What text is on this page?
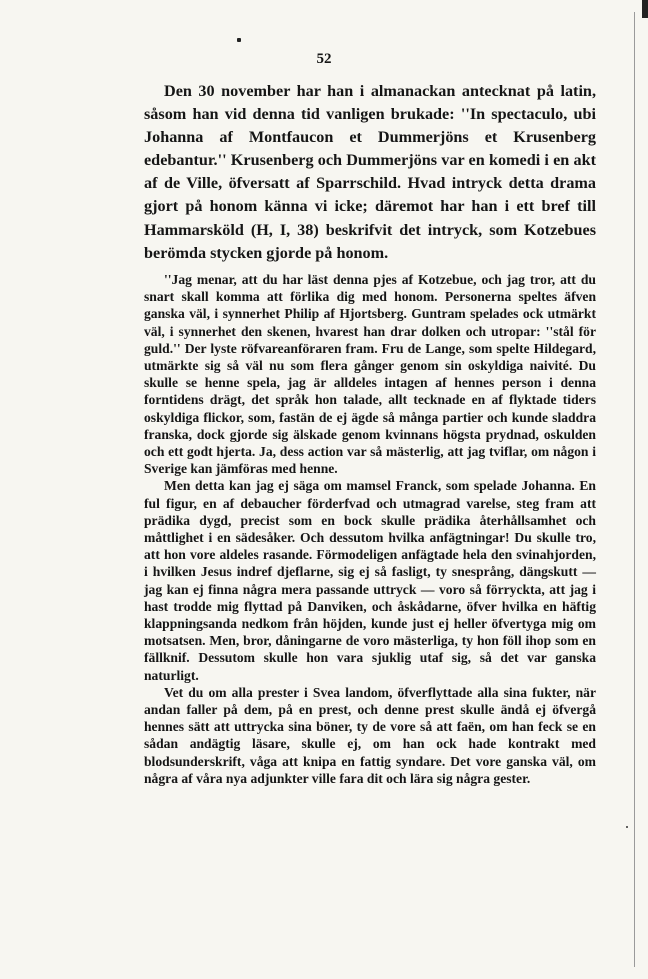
52

Den 30 november har han i almanackan antecknat på latin, såsom han vid denna tid vanligen brukade: ''In spectaculo, ubi Johanna af Montfaucon et Dummerjöns et Krusenberg edebantur.'' Krusenberg och Dummerjöns var en komedi i en akt af de Ville, öfversatt af Sparrschild. Hvad intryck detta drama gjort på honom känna vi icke; däremot har han i ett bref till Hammarsköld (H, I, 38) beskrifvit det intryck, som Kotzebues berömda stycken gjorde på honom.

''Jag menar, att du har läst denna pjes af Kotzebue, och jag tror, att du snart skall komma att förlika dig med honom. Personerna speltes äfven ganska väl, i synnerhet Philip af Hjortsberg. Guntram spelades ock utmärkt väl, i synnerhet den skenen, hvarest han drar dolken och utropar: ''stål för guld.'' Der lyste röfvareanföraren fram. Fru de Lange, som spelte Hildegard, utmärkte sig så väl nu som flera gånger genom sin oskyldiga naivité. Du skulle se henne spela, jag är alldeles intagen af hennes person i denna forntidens drägt, det språk hon talade, allt tecknade en af flyktade tiders oskyldiga flickor, som, fastän de ej ägde så många partier och kunde sladdra franska, dock gjorde sig älskade genom kvinnans högsta prydnad, oskulden och ett godt hjerta. Ja, dess action var så mästerlig, att jag tviflar, om någon i Sverige kan jämföras med henne.

Men detta kan jag ej säga om mamsel Franck, som spelade Johanna. En ful figur, en af debaucher förderfvad och utmagrad varelse, steg fram att prädika dygd, precist som en bock skulle prädika återhållsamhet och måttlighet i en sädesåker. Och dessutom hvilka anfägtningar! Du skulle tro, att hon vore aldeles rasande. Förmodeligen anfägtade hela den svinahjorden, i hvilken Jesus indref djeflarne, sig ej så fasligt, ty snesprång, dängskutt — jag kan ej finna några mera passande uttryck — voro så förryckta, att jag i hast trodde mig flyttad på Danviken, och åskådarne, öfver hvilka en häftig klappningsanda nedkom från höjden, kunde just ej heller öfvertyga mig om motsatsen. Men, bror, dåningarne de voro mästerliga, ty hon föll ihop som en fällknif. Dessutom skulle hon vara sjuklig utaf sig, så det var ganska naturligt.

Vet du om alla prester i Svea landom, öfverflyttade alla sina fukter, när andan faller på dem, på en prest, och denne prest skulle ändå ej öfvergå hennes sätt att uttrycka sina böner, ty de vore så att faën, om han feck se en sådan andägtig läsare, skulle ej, om han ock hade kontrakt med blodsunderskrift, våga att knipa en fattig syndare. Det vore ganska väl, om några af våra nya adjunkter ville fara dit och lära sig några gester.
